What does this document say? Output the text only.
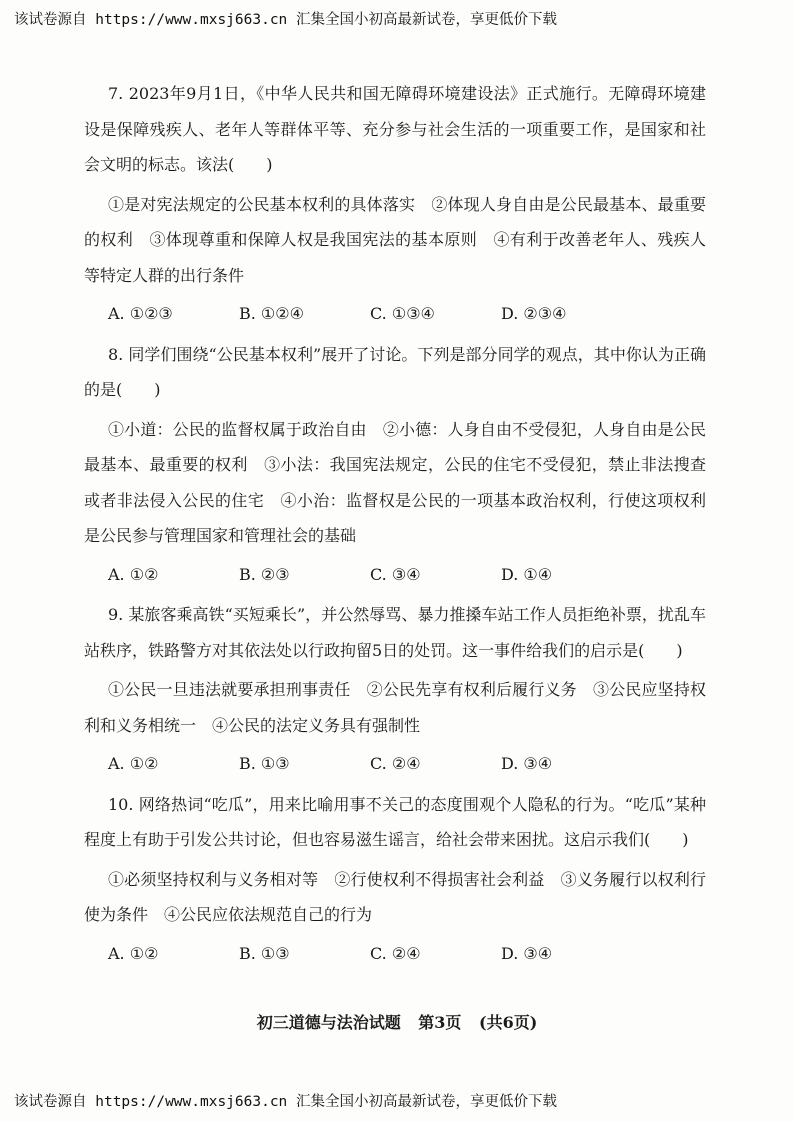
该试卷源自 https://www.mxsj663.cn 汇集全国小初高最新试卷，享更低价下载

7. 2023年9月1日，《中华人民共和国无障碍环境建设法》正式施行。无障碍环境建设是保障残疾人、老年人等群体平等、充分参与社会生活的一项重要工作，是国家和社会文明的标志。该法(　　)

①是对宪法规定的公民基本权利的具体落实　②体现人身自由是公民最基本、最重要的权利　③体现尊重和保障人权是我国宪法的基本原则　④有利于改善老年人、残疾人等特定人群的出行条件

A. ①②③	B. ①②④	C. ①③④	D. ②③④

8. 同学们围绕“公民基本权利”展开了讨论。下列是部分同学的观点，其中你认为正确的是(　　)

①小道：公民的监督权属于政治自由　②小德：人身自由不受侵犯，人身自由是公民最基本、最重要的权利　③小法：我国宪法规定，公民的住宅不受侵犯，禁止非法搜查或者非法侵入公民的住宅　④小治：监督权是公民的一项基本政治权利，行使这项权利是公民参与管理国家和管理社会的基础

A. ①②	B. ②③	C. ③④	D. ①④

9. 某旅客乘高铁“买短乘长”，并公然辱骂、暴力推搡车站工作人员拒绝补票，扰乱车站秩序，铁路警方对其依法处以行政拘留5日的处罚。这一事件给我们的启示是(　　)

①公民一旦违法就要承担刑事责任　②公民先享有权利后履行义务　③公民应坚持权利和义务相统一　④公民的法定义务具有强制性

A. ①②	B. ①③	C. ②④	D. ③④

10. 网络热词“吃瓜”，用来比喻用事不关己的态度围观个人隐私的行为。“吃瓜”某种程度上有助于引发公共讨论，但也容易滋生谣言，给社会带来困扰。这启示我们(　　)

①必须坚持权利与义务相对等　②行使权利不得损害社会利益　③义务履行以权利行使为条件　④公民应依法规范自己的行为

A. ①②	B. ①③	C. ②④	D. ③④
初三道德与法治试题 第3页 (共6页)
该试卷源自 https://www.mxsj663.cn 汇集全国小初高最新试卷，享更低价下载
